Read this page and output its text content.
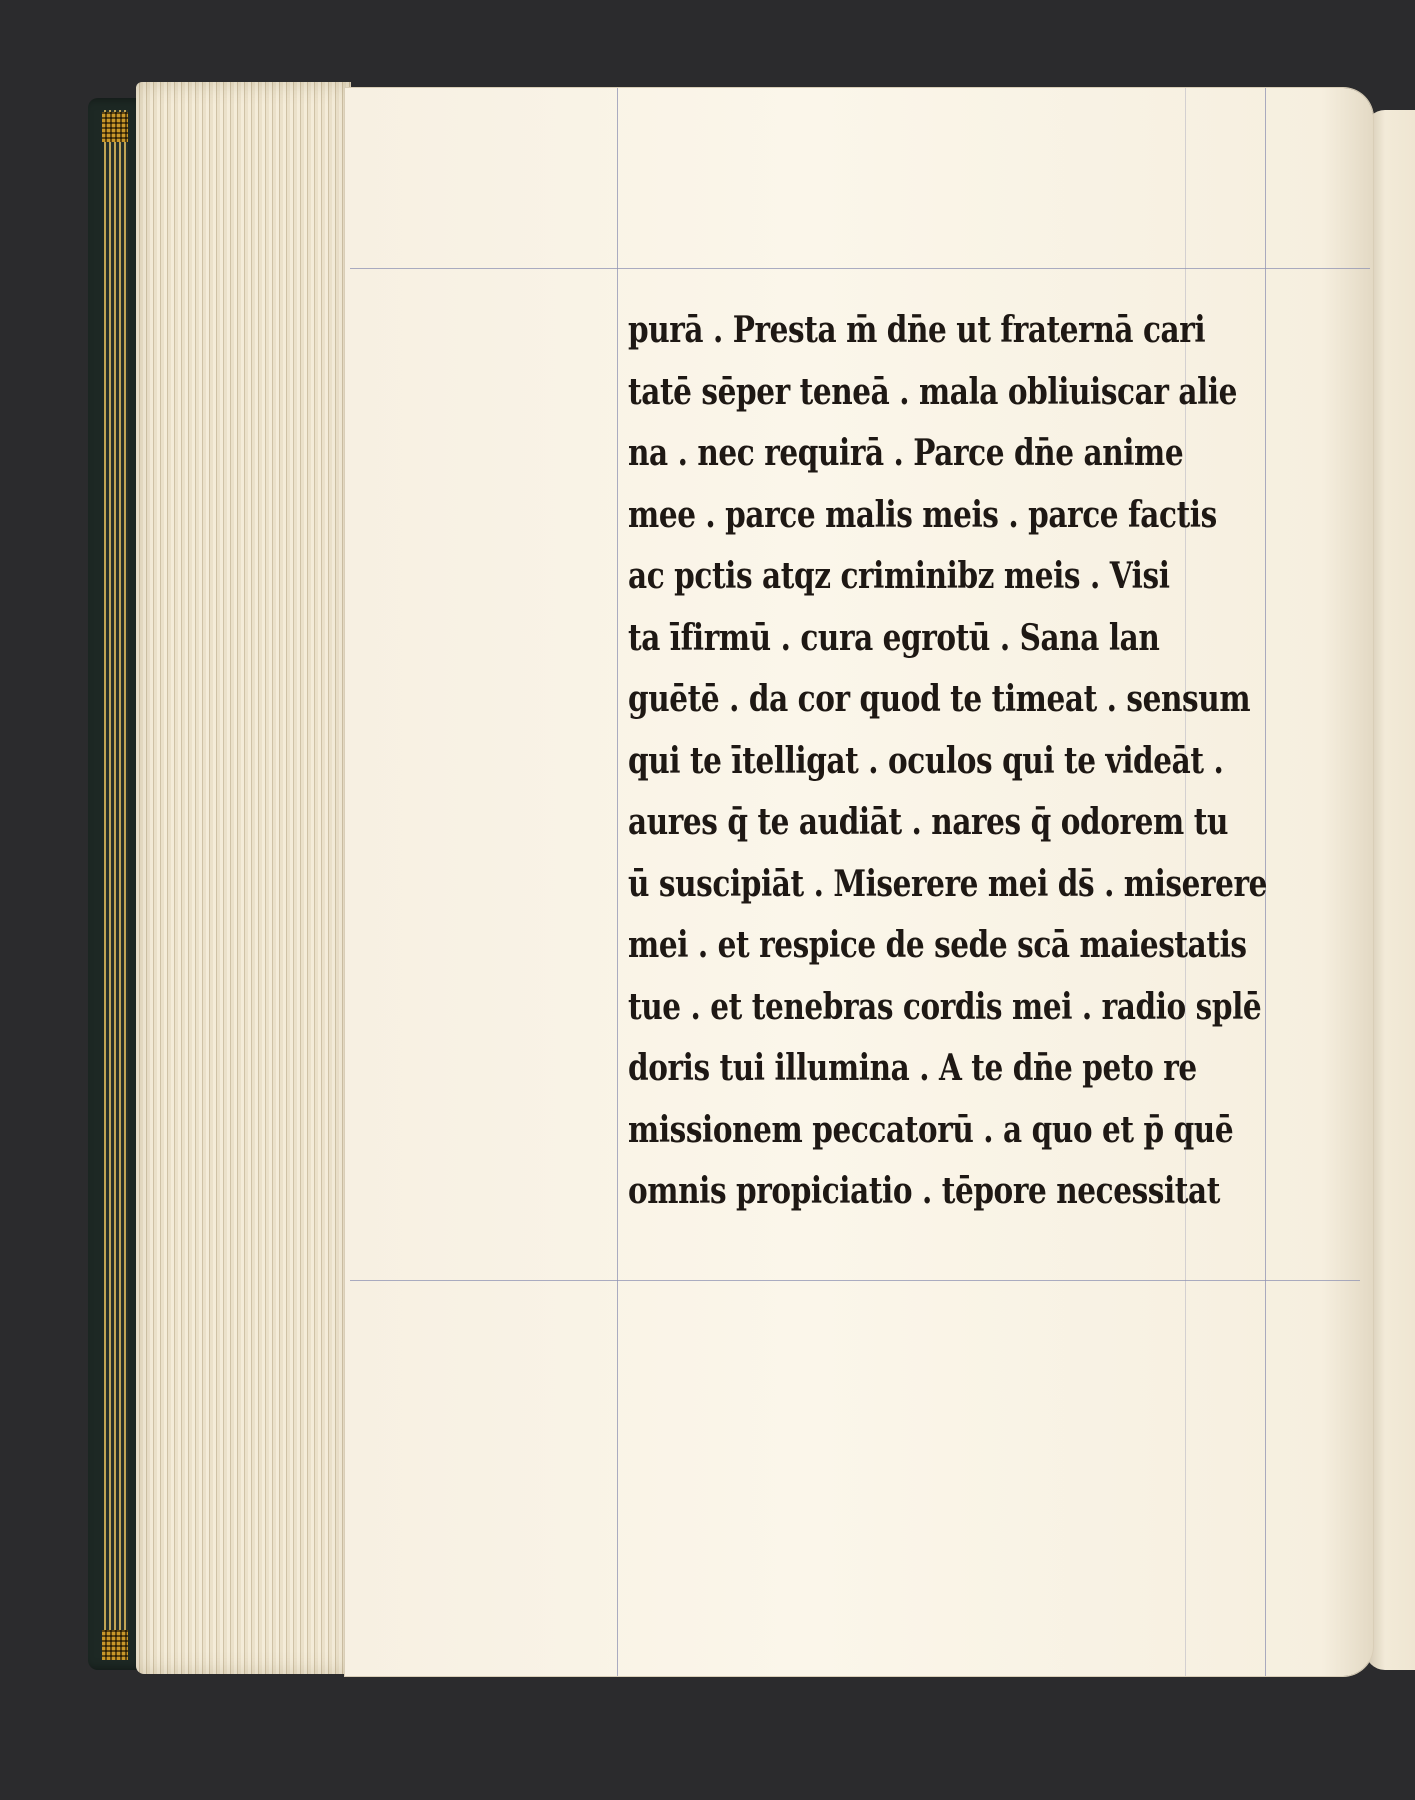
purā . Presta m̄ dn̄e ut fraternā cari
tatē sēper teneā . mala obliuiscar alie
na . nec requirā . Parce dn̄e anime
mee . parce malis meis . parce factis
ac pctis atqz criminibz meis . Visi
ta īfirmū . cura egrotū . Sana lan
guētē . da cor quod te timeat . sensum
qui te ītelligat . oculos qui te videāt .
aures q̄ te audiāt . nares q̄ odorem tu
ū suscipiāt . Miserere mei ds̄ . miserere
mei . et respice de sede scā maiestatis
tue . et tenebras cordis mei . radio splē
doris tui illumina . A te dn̄e peto re
missionem peccatorū . a quo et p̄ quē
omnis propiciatio . tēpore necessitat
